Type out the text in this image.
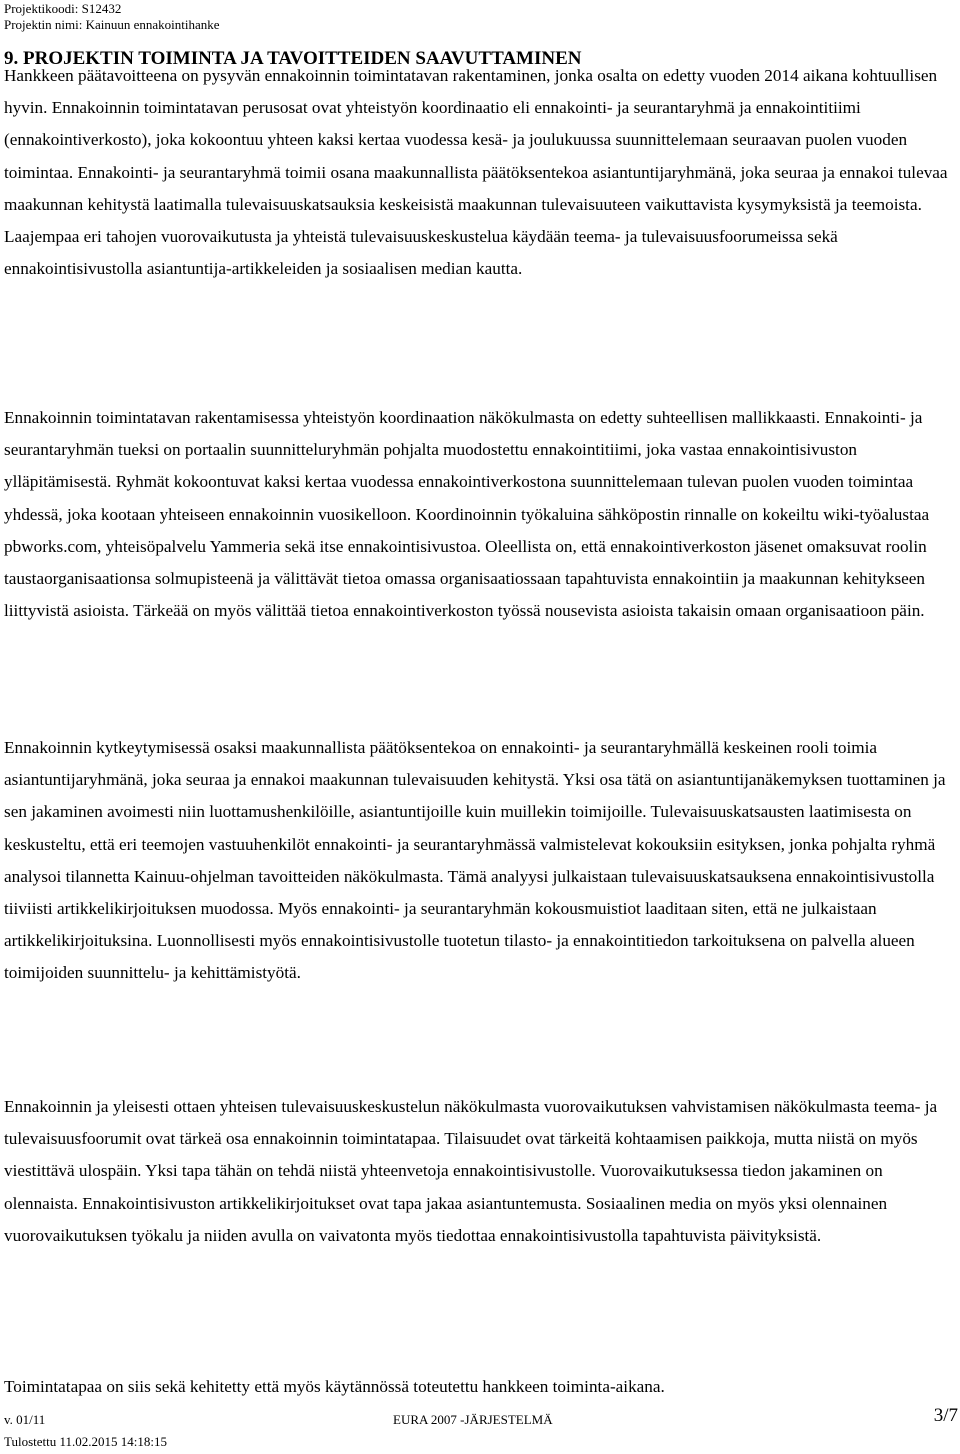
Projektikoodi: S12432
Projektin nimi: Kainuun ennakointihanke
9. PROJEKTIN TOIMINTA JA TAVOITTEIDEN SAAVUTTAMINEN

Hankkeen päätavoitteena on pysyvän ennakoinnin toimintatavan rakentaminen, jonka osalta on edetty vuoden 2014 aikana kohtuullisen hyvin. Ennakoinnin toimintatavan perusosat ovat yhteistyön koordinaatio eli ennakointi- ja seurantaryhmä ja ennakointitiimi (ennakointiverkosto), joka kokoontuu yhteen kaksi kertaa vuodessa kesä- ja joulukuussa suunnittelemaan seuraavan puolen vuoden toimintaa. Ennakointi- ja seurantaryhmä toimii osana maakunnallista päätöksentekoa asiantuntijaryhmänä, joka seuraa ja ennakoi tulevaa maakunnan kehitystä laatimalla tulevaisuuskatsauksia keskeisistä maakunnan tulevaisuuteen vaikuttavista kysymyksistä ja teemoista. Laajempaa eri tahojen vuorovaikutusta ja yhteistä tulevaisuuskeskustelua käydään teema- ja tulevaisuusfoorumeissa sekä ennakointisivustolla asiantuntija-artikkeleiden ja sosiaalisen median kautta.

Ennakoinnin toimintatavan rakentamisessa yhteistyön koordinaation näkökulmasta on edetty suhteellisen mallikkaasti. Ennakointi- ja seurantaryhmän tueksi on portaalin suunnitteluryhmän pohjalta muodostettu ennakointitiimi, joka vastaa ennakointisivuston ylläpitämisestä. Ryhmät kokoontuvat kaksi kertaa vuodessa ennakointiverkostona suunnittelemaan tulevan puolen vuoden toimintaa yhdessä, joka kootaan yhteiseen ennakoinnin vuosikelloon. Koordinoinnin työkaluina sähköpostin rinnalle on kokeiltu wiki-työalustaa pbworks.com, yhteisöpalvelu Yammeria sekä itse ennakointisivustoa. Oleellista on, että ennakointiverkoston jäsenet omaksuvat roolin taustaorganisaationsa solmupisteenä ja välittävät tietoa omassa organisaatiossaan tapahtuvista ennakointiin ja maakunnan kehitykseen liittyvistä asioista. Tärkeää on myös välittää tietoa ennakointiverkoston työssä nousevista asioista takaisin omaan organisaatioon päin.

Ennakoinnin kytkeytymisessä osaksi maakunnallista päätöksentekoa on ennakointi- ja seurantaryhmällä keskeinen rooli toimia asiantuntijaryhmänä, joka seuraa ja ennakoi maakunnan tulevaisuuden kehitystä. Yksi osa tätä on asiantuntijanäkemyksen tuottaminen ja sen jakaminen avoimesti niin luottamushenkilöille, asiantuntijoille kuin muillekin toimijoille. Tulevaisuuskatsausten laatimisesta on keskusteltu, että eri teemojen vastuuhenkilöt ennakointi- ja seurantaryhmässä valmistelevat kokouksiin esityksen, jonka pohjalta ryhmä analysoi tilannetta Kainuu-ohjelman tavoitteiden näkökulmasta. Tämä analyysi julkaistaan tulevaisuuskatsauksena ennakointisivustolla tiiviisti artikkelikirjoituksen muodossa. Myös ennakointi- ja seurantaryhmän kokousmuistiot laaditaan siten, että ne julkaistaan artikkelikirjoituksina. Luonnollisesti myös ennakointisivustolle tuotetun tilasto- ja ennakointitiedon tarkoituksena on palvella alueen toimijoiden suunnittelu- ja kehittämistyötä.

Ennakoinnin ja yleisesti ottaen yhteisen tulevaisuuskeskustelun näkökulmasta vuorovaikutuksen vahvistamisen näkökulmasta teema- ja tulevaisuusfoorumit ovat tärkeä osa ennakoinnin toimintatapaa. Tilaisuudet ovat tärkeitä kohtaamisen paikkoja, mutta niistä on myös viestittävä ulospäin. Yksi tapa tähän on tehdä niistä yhteenvetoja ennakointisivustolle. Vuorovaikutuksessa tiedon jakaminen on olennaista. Ennakointisivuston artikkelikirjoitukset ovat tapa jakaa asiantuntemusta. Sosiaalinen media on myös yksi olennainen vuorovaikutuksen työkalu ja niiden avulla on vaivatonta myös tiedottaa ennakointisivustolla tapahtuvista päivityksistä.

Toimintatapaa on siis sekä kehitetty että myös käytännössä toteutettu hankkeen toiminta-aikana.

v. 01/11	EURA 2007 -JÄRJESTELMÄ	3/7
Tulostettu 11.02.2015 14:18:15
